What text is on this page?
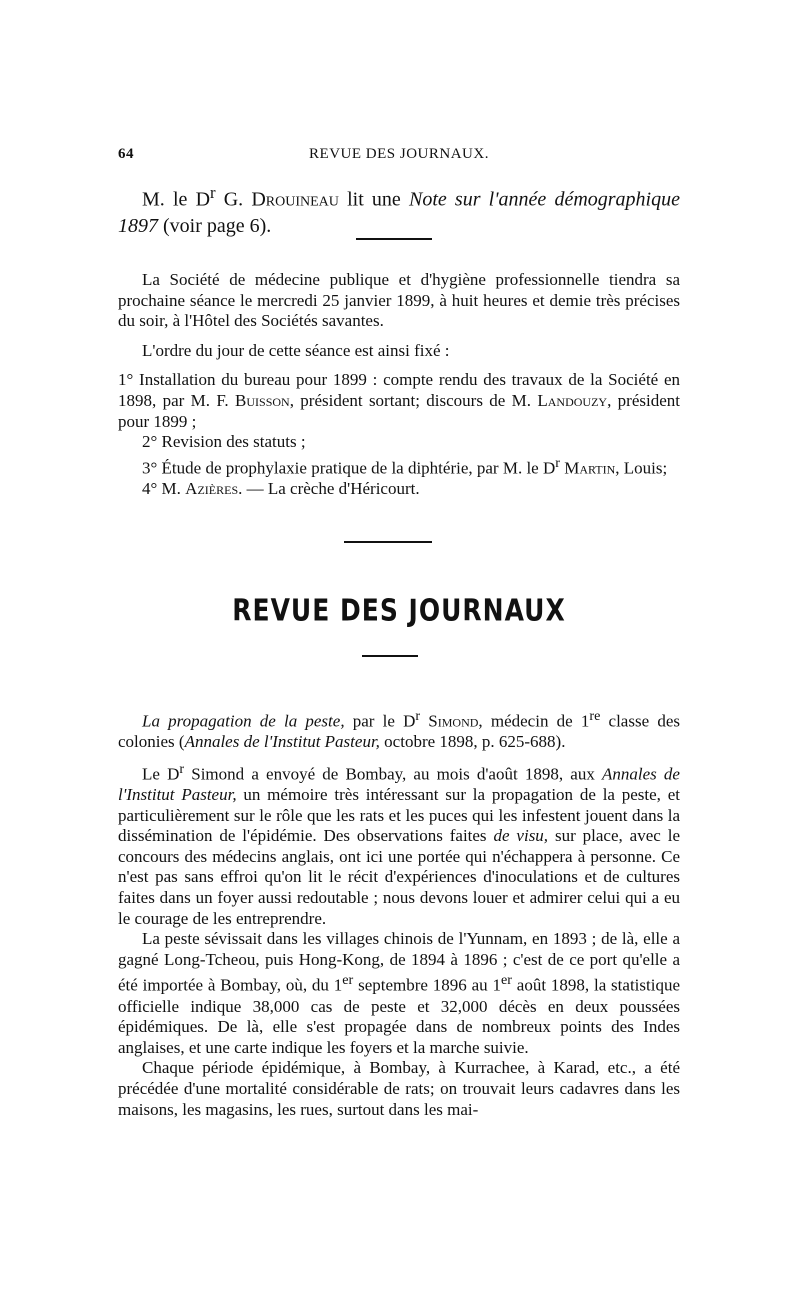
64	REVUE DES JOURNAUX.

M. le $D^r$ G. Drouineau lit une Note sur l'année démographique 1897 (voir page 6).

La Société de médecine publique et d'hygiène professionnelle tiendra sa prochaine séance le mercredi 25 janvier 1899, à huit heures et demie très précises du soir, à l'Hôtel des Sociétés savantes.

L'ordre du jour de cette séance est ainsi fixé :

1° Installation du bureau pour 1899 : compte rendu des travaux de la Société en 1898, par M. F. Buisson, président sortant; discours de M. Landouzy, président pour 1899 ;

2° Revision des statuts ;

3° Étude de prophylaxie pratique de la diphtérie, par M. le $D^r$ Martin, Louis;

4° M. Azières. — La crèche d'Héricourt.

REVUE DES JOURNAUX

La propagation de la peste, par le $D^r$ Simond, médecin de 1re classe des colonies (Annales de l'Institut Pasteur, octobre 1898, p. 625-688).

Le $D^r$ Simond a envoyé de Bombay, au mois d'août 1898, aux Annales de l'Institut Pasteur, un mémoire très intéressant sur la propagation de la peste, et particulièrement sur le rôle que les rats et les puces qui les infestent jouent dans la dissémination de l'épidémie. Des observations faites de visu, sur place, avec le concours des médecins anglais, ont ici une portée qui n'échappera à personne. Ce n'est pas sans effroi qu'on lit le récit d'expériences d'inoculations et de cultures faites dans un foyer aussi redoutable ; nous devons louer et admirer celui qui a eu le courage de les entreprendre.

La peste sévissait dans les villages chinois de l'Yunnam, en 1893 ; de là, elle a gagné Long-Tcheou, puis Hong-Kong, de 1894 à 1896 ; c'est de ce port qu'elle a été importée à Bombay, où, du 1er septembre 1896 au 1er août 1898, la statistique officielle indique 38,000 cas de peste et 32,000 décès en deux poussées épidémiques. De là, elle s'est propagée dans de nombreux points des Indes anglaises, et une carte indique les foyers et la marche suivie.

Chaque période épidémique, à Bombay, à Kurrachee, à Karad, etc., a été précédée d'une mortalité considérable de rats; on trouvait leurs cadavres dans les maisons, les magasins, les rues, surtout dans les mai-
